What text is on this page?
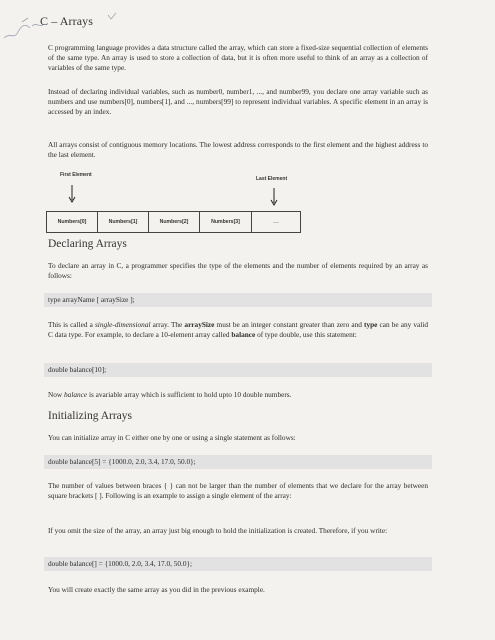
C – Arrays

C programming language provides a data structure called the array, which can store a fixed-size sequential collection of elements of the same type. An array is used to store a collection of data, but it is often more useful to think of an array as a collection of variables of the same type.

Instead of declaring individual variables, such as number0, number1, ..., and number99, you declare one array variable such as numbers and use numbers[0], numbers[1], and ..., numbers[99] to represent individual variables. A specific element in an array is accessed by an index.

All arrays consist of contiguous memory locations. The lowest address corresponds to the first element and the highest address to the last element.

First Element
Last Element
Numbers[0]	Numbers[1]	Numbers[2]	Numbers[3]	....
Declaring Arrays

To declare an array in C, a programmer specifies the type of the elements and the number of elements required by an array as follows:

type arrayName [ arraySize ];

This is called a single-dimensional array. The arraySize must be an integer constant greater than zero and type can be any valid C data type. For example, to declare a 10-element array called balance of type double, use this statement:

double balance[10];

Now balance is avariable array which is sufficient to hold upto 10 double numbers.

Initializing Arrays

You can initialize array in C either one by one or using a single statement as follows:

double balance[5] = {1000.0, 2.0, 3.4, 17.0, 50.0};

The number of values between braces { } can not be larger than the number of elements that we declare for the array between square brackets [ ]. Following is an example to assign a single element of the array:

If you omit the size of the array, an array just big enough to hold the initialization is created. Therefore, if you write:

double balance[] = {1000.0, 2.0, 3.4, 17.0, 50.0};

You will create exactly the same array as you did in the previous example.
